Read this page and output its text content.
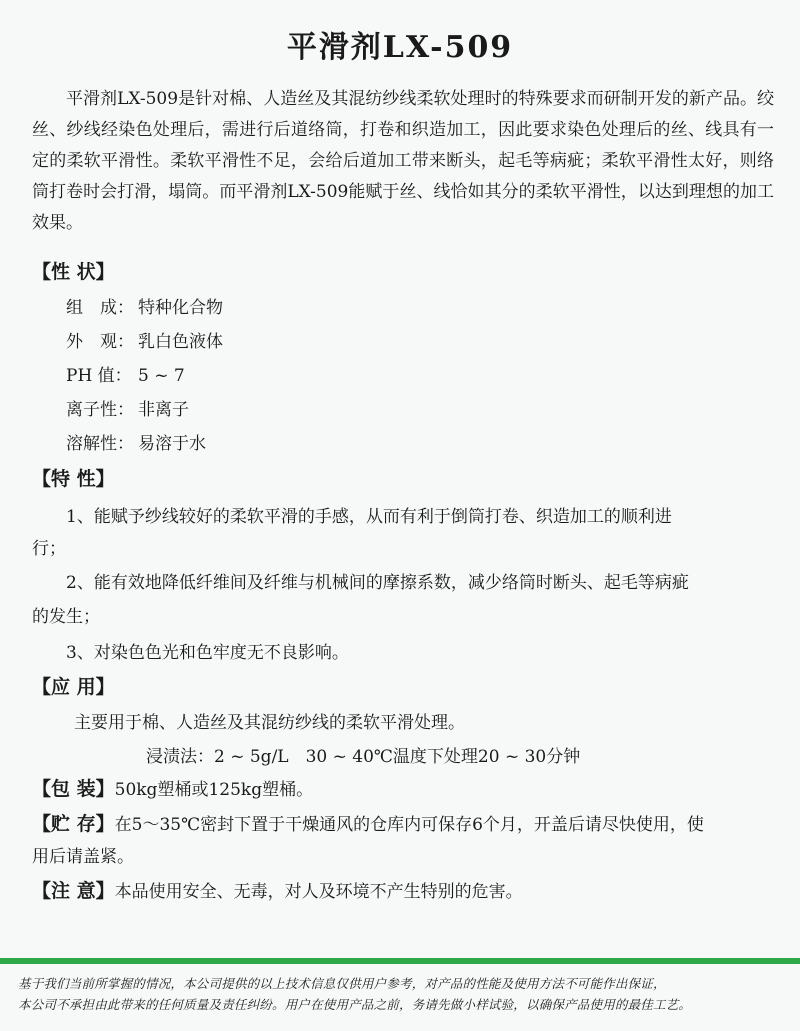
平滑剂LX-509
平滑剂LX-509是针对棉、人造丝及其混纺纱线柔软处理时的特殊要求而研制开发的新产品。绞丝、纱线经染色处理后，需进行后道络筒，打卷和织造加工，因此要求染色处理后的丝、线具有一定的柔软平滑性。柔软平滑性不足，会给后道加工带来断头，起毛等病疵；柔软平滑性太好，则络筒打卷时会打滑，塌筒。而平滑剂LX-509能赋于丝、线恰如其分的柔软平滑性，以达到理想的加工效果。
【性 状】
组　成： 特种化合物
外　观： 乳白色液体
PH 值： 5 ~ 7
离子性： 非离子
溶解性： 易溶于水
【特 性】
1、能赋予纱线较好的柔软平滑的手感，从而有利于倒筒打卷、织造加工的顺利进
行；
2、能有效地降低纤维间及纤维与机械间的摩擦系数，减少络筒时断头、起毛等病疵
的发生；
3、对染色色光和色牢度无不良影响。
【应 用】
主要用于棉、人造丝及其混纺纱线的柔软平滑处理。
浸渍法：2 ~ 5g/L　30 ~ 40℃温度下处理20 ~ 30分钟
【包 装】50kg塑桶或125kg塑桶。
【贮 存】在5～35℃密封下置于干燥通风的仓库内可保存6个月，开盖后请尽快使用，使
用后请盖紧。
【注 意】本品使用安全、无毒，对人及环境不产生特别的危害。
基于我们当前所掌握的情况，本公司提供的以上技术信息仅供用户参考，对产品的性能及使用方法不可能作出保证，
本公司不承担由此带来的任何质量及责任纠纷。用户在使用产品之前，务请先做小样试验，以确保产品使用的最佳工艺。
